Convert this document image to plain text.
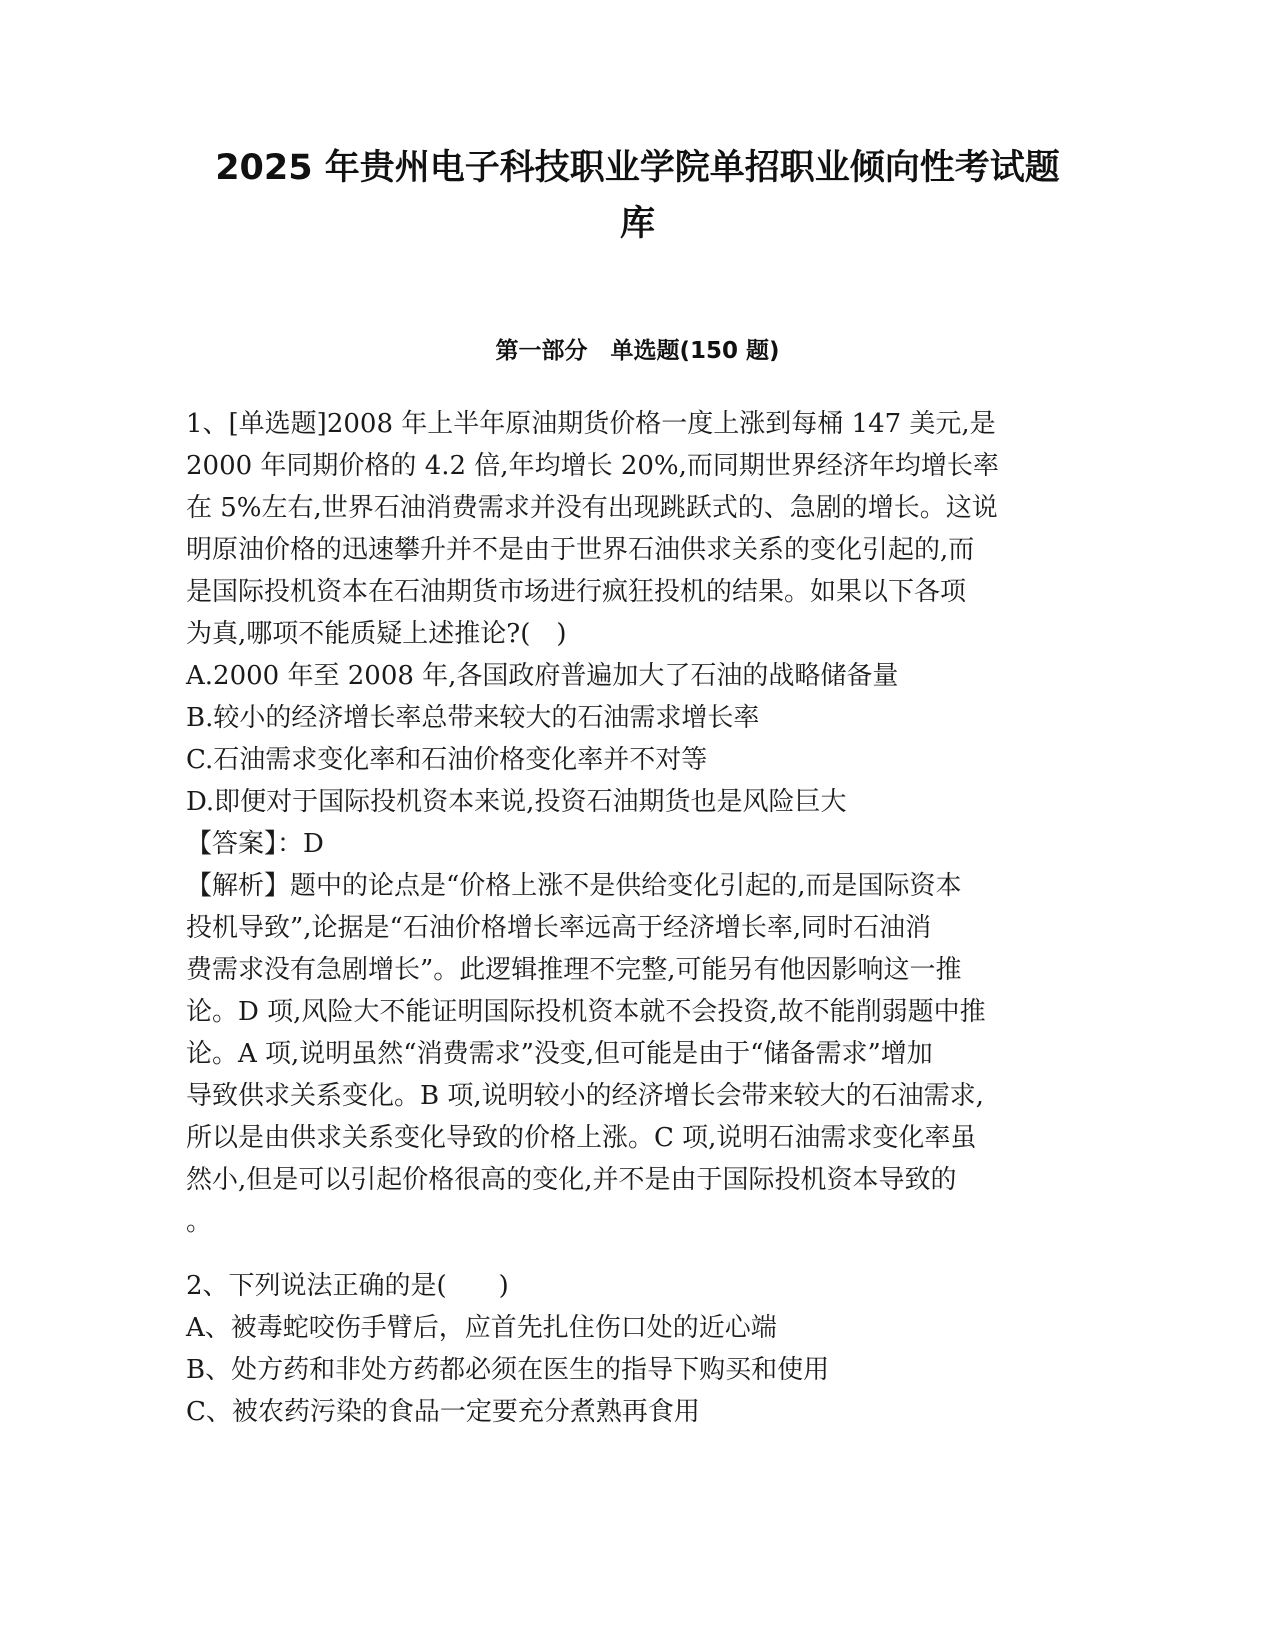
2025 年贵州电子科技职业学院单招职业倾向性考试题
库
第一部分　单选题(150 题)

1、[单选题]2008 年上半年原油期货价格一度上涨到每桶 147 美元,是

2000 年同期价格的 4.2 倍,年均增长 20%,而同期世界经济年均增长率

在 5%左右,世界石油消费需求并没有出现跳跃式的、急剧的增长。这说

明原油价格的迅速攀升并不是由于世界石油供求关系的变化引起的,而

是国际投机资本在石油期货市场进行疯狂投机的结果。如果以下各项

为真,哪项不能质疑上述推论?(　)

A.2000 年至 2008 年,各国政府普遍加大了石油的战略储备量

B.较小的经济增长率总带来较大的石油需求增长率

C.石油需求变化率和石油价格变化率并不对等

D.即便对于国际投机资本来说,投资石油期货也是风险巨大

【答案】：D

【解析】题中的论点是“价格上涨不是供给变化引起的,而是国际资本

投机导致”,论据是“石油价格增长率远高于经济增长率,同时石油消

费需求没有急剧增长”。此逻辑推理不完整,可能另有他因影响这一推

论。D 项,风险大不能证明国际投机资本就不会投资,故不能削弱题中推

论。A 项,说明虽然“消费需求”没变,但可能是由于“储备需求”增加

导致供求关系变化。B 项,说明较小的经济增长会带来较大的石油需求,

所以是由供求关系变化导致的价格上涨。C 项,说明石油需求变化率虽

然小,但是可以引起价格很高的变化,并不是由于国际投机资本导致的

。

2、下列说法正确的是(　　)

A、被毒蛇咬伤手臂后，应首先扎住伤口处的近心端

B、处方药和非处方药都必须在医生的指导下购买和使用

C、被农药污染的食品一定要充分煮熟再食用
